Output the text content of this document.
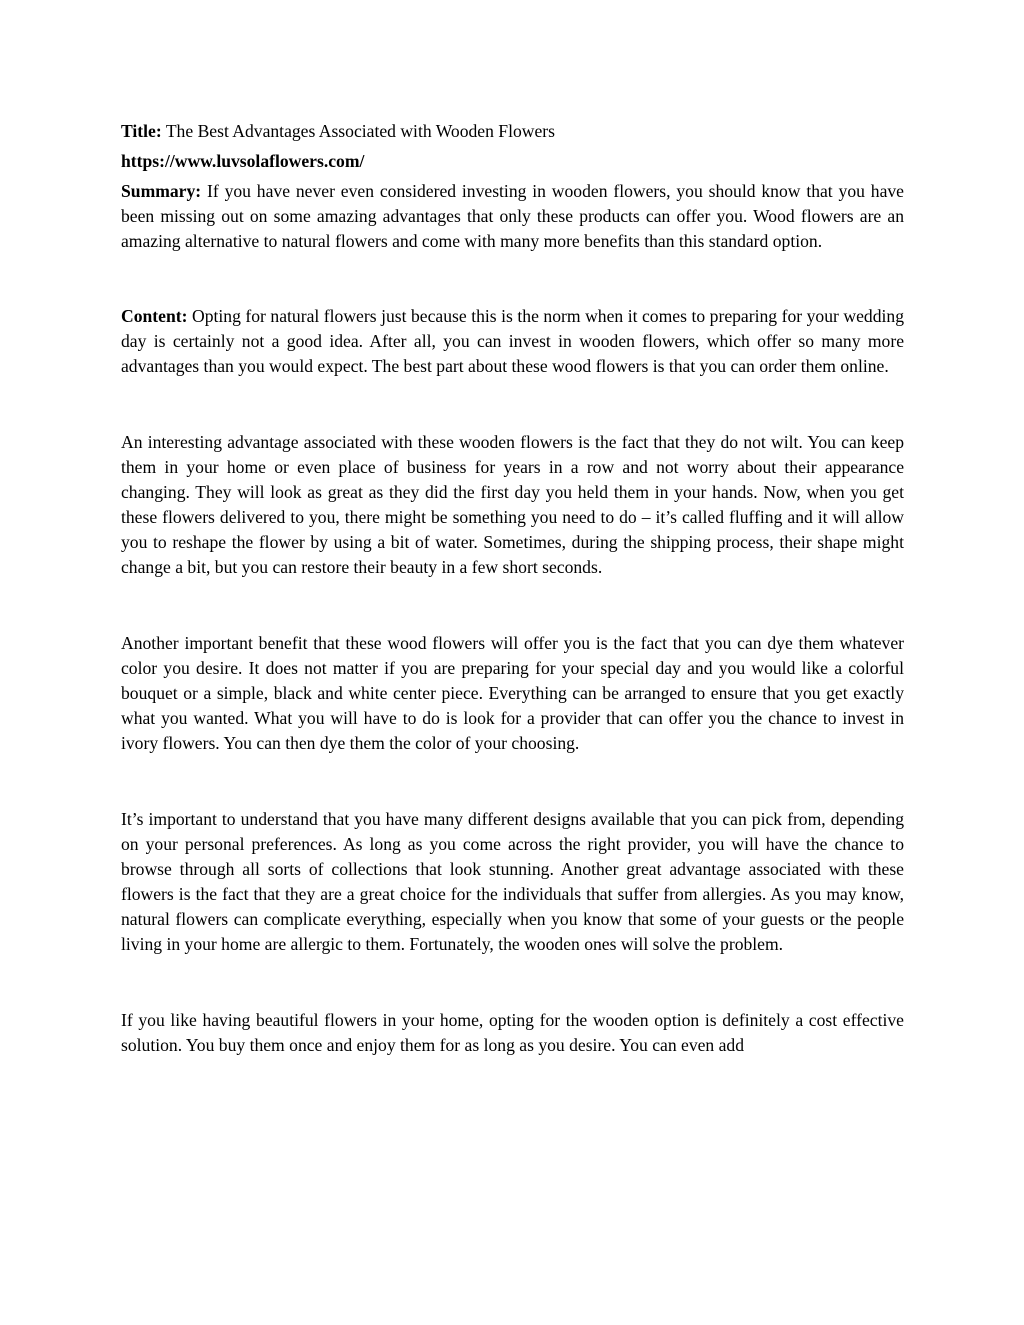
Title: The Best Advantages Associated with Wooden Flowers

https://www.luvsolaflowers.com/

Summary: If you have never even considered investing in wooden flowers, you should know that you have been missing out on some amazing advantages that only these products can offer you. Wood flowers are an amazing alternative to natural flowers and come with many more benefits than this standard option.

Content: Opting for natural flowers just because this is the norm when it comes to preparing for your wedding day is certainly not a good idea. After all, you can invest in wooden flowers, which offer so many more advantages than you would expect. The best part about these wood flowers is that you can order them online.

An interesting advantage associated with these wooden flowers is the fact that they do not wilt. You can keep them in your home or even place of business for years in a row and not worry about their appearance changing. They will look as great as they did the first day you held them in your hands. Now, when you get these flowers delivered to you, there might be something you need to do – it’s called fluffing and it will allow you to reshape the flower by using a bit of water. Sometimes, during the shipping process, their shape might change a bit, but you can restore their beauty in a few short seconds.

Another important benefit that these wood flowers will offer you is the fact that you can dye them whatever color you desire. It does not matter if you are preparing for your special day and you would like a colorful bouquet or a simple, black and white center piece. Everything can be arranged to ensure that you get exactly what you wanted. What you will have to do is look for a provider that can offer you the chance to invest in ivory flowers. You can then dye them the color of your choosing.

It’s important to understand that you have many different designs available that you can pick from, depending on your personal preferences. As long as you come across the right provider, you will have the chance to browse through all sorts of collections that look stunning. Another great advantage associated with these flowers is the fact that they are a great choice for the individuals that suffer from allergies. As you may know, natural flowers can complicate everything, especially when you know that some of your guests or the people living in your home are allergic to them. Fortunately, the wooden ones will solve the problem.

If you like having beautiful flowers in your home, opting for the wooden option is definitely a cost effective solution. You buy them once and enjoy them for as long as you desire. You can even add
